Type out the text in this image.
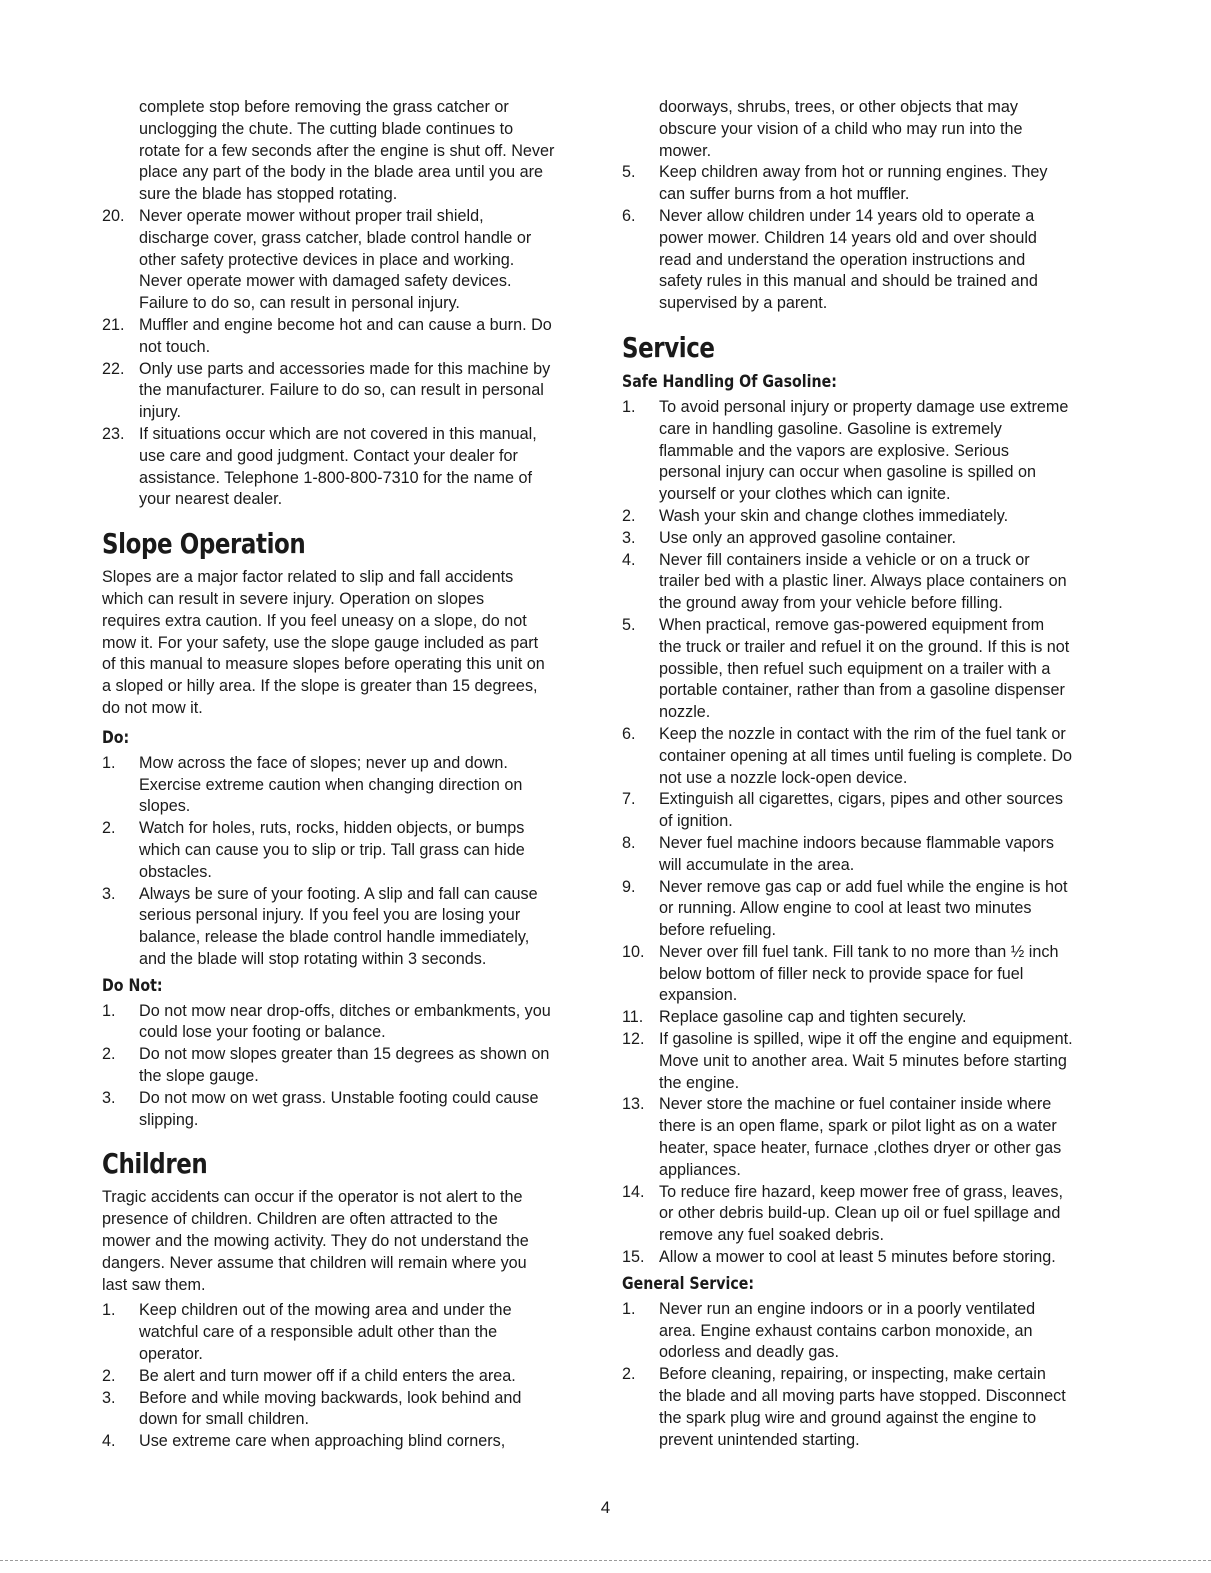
complete stop before removing the grass catcher or
unclogging the chute. The cutting blade continues to
rotate for a few seconds after the engine is shut off. Never
place any part of the body in the blade area until you are
sure the blade has stopped rotating.
20. Never operate mower without proper trail shield,
discharge cover, grass catcher, blade control handle or
other safety protective devices in place and working.
Never operate mower with damaged safety devices.
Failure to do so, can result in personal injury.
21. Muffler and engine become hot and can cause a burn. Do
not touch.
22. Only use parts and accessories made for this machine by
the manufacturer. Failure to do so, can result in personal
injury.
23. If situations occur which are not covered in this manual,
use care and good judgment. Contact your dealer for
assistance. Telephone 1-800-800-7310 for the name of
your nearest dealer.
Slope Operation
Slopes are a major factor related to slip and fall accidents
which can result in severe injury. Operation on slopes
requires extra caution. If you feel uneasy on a slope, do not
mow it. For your safety, use the slope gauge included as part
of this manual to measure slopes before operating this unit on
a sloped or hilly area. If the slope is greater than 15 degrees,
do not mow it.
Do:
1. Mow across the face of slopes; never up and down.
Exercise extreme caution when changing direction on
slopes.
2. Watch for holes, ruts, rocks, hidden objects, or bumps
which can cause you to slip or trip. Tall grass can hide
obstacles.
3. Always be sure of your footing. A slip and fall can cause
serious personal injury. If you feel you are losing your
balance, release the blade control handle immediately,
and the blade will stop rotating within 3 seconds.
Do Not:
1. Do not mow near drop-offs, ditches or embankments, you
could lose your footing or balance.
2. Do not mow slopes greater than 15 degrees as shown on
the slope gauge.
3. Do not mow on wet grass. Unstable footing could cause
slipping.
Children
Tragic accidents can occur if the operator is not alert to the
presence of children. Children are often attracted to the
mower and the mowing activity. They do not understand the
dangers. Never assume that children will remain where you
last saw them.
1. Keep children out of the mowing area and under the
watchful care of a responsible adult other than the
operator.
2. Be alert and turn mower off if a child enters the area.
3. Before and while moving backwards, look behind and
down for small children.
4. Use extreme care when approaching blind corners,
doorways, shrubs, trees, or other objects that may
obscure your vision of a child who may run into the
mower.
5. Keep children away from hot or running engines. They
can suffer burns from a hot muffler.
6. Never allow children under 14 years old to operate a
power mower. Children 14 years old and over should
read and understand the operation instructions and
safety rules in this manual and should be trained and
supervised by a parent.
Service
Safe Handling Of Gasoline:
1. To avoid personal injury or property damage use extreme
care in handling gasoline. Gasoline is extremely
flammable and the vapors are explosive. Serious
personal injury can occur when gasoline is spilled on
yourself or your clothes which can ignite.
2. Wash your skin and change clothes immediately.
3. Use only an approved gasoline container.
4. Never fill containers inside a vehicle or on a truck or
trailer bed with a plastic liner. Always place containers on
the ground away from your vehicle before filling.
5. When practical, remove gas-powered equipment from
the truck or trailer and refuel it on the ground. If this is not
possible, then refuel such equipment on a trailer with a
portable container, rather than from a gasoline dispenser
nozzle.
6. Keep the nozzle in contact with the rim of the fuel tank or
container opening at all times until fueling is complete. Do
not use a nozzle lock-open device.
7. Extinguish all cigarettes, cigars, pipes and other sources
of ignition.
8. Never fuel machine indoors because flammable vapors
will accumulate in the area.
9. Never remove gas cap or add fuel while the engine is hot
or running. Allow engine to cool at least two minutes
before refueling.
10. Never over fill fuel tank. Fill tank to no more than ½ inch
below bottom of filler neck to provide space for fuel
expansion.
11. Replace gasoline cap and tighten securely.
12. If gasoline is spilled, wipe it off the engine and equipment.
Move unit to another area. Wait 5 minutes before starting
the engine.
13. Never store the machine or fuel container inside where
there is an open flame, spark or pilot light as on a water
heater, space heater, furnace ,clothes dryer or other gas
appliances.
14. To reduce fire hazard, keep mower free of grass, leaves,
or other debris build-up. Clean up oil or fuel spillage and
remove any fuel soaked debris.
15. Allow a mower to cool at least 5 minutes before storing.
General Service:
1. Never run an engine indoors or in a poorly ventilated
area. Engine exhaust contains carbon monoxide, an
odorless and deadly gas.
2. Before cleaning, repairing, or inspecting, make certain
the blade and all moving parts have stopped. Disconnect
the spark plug wire and ground against the engine to
prevent unintended starting.
4
